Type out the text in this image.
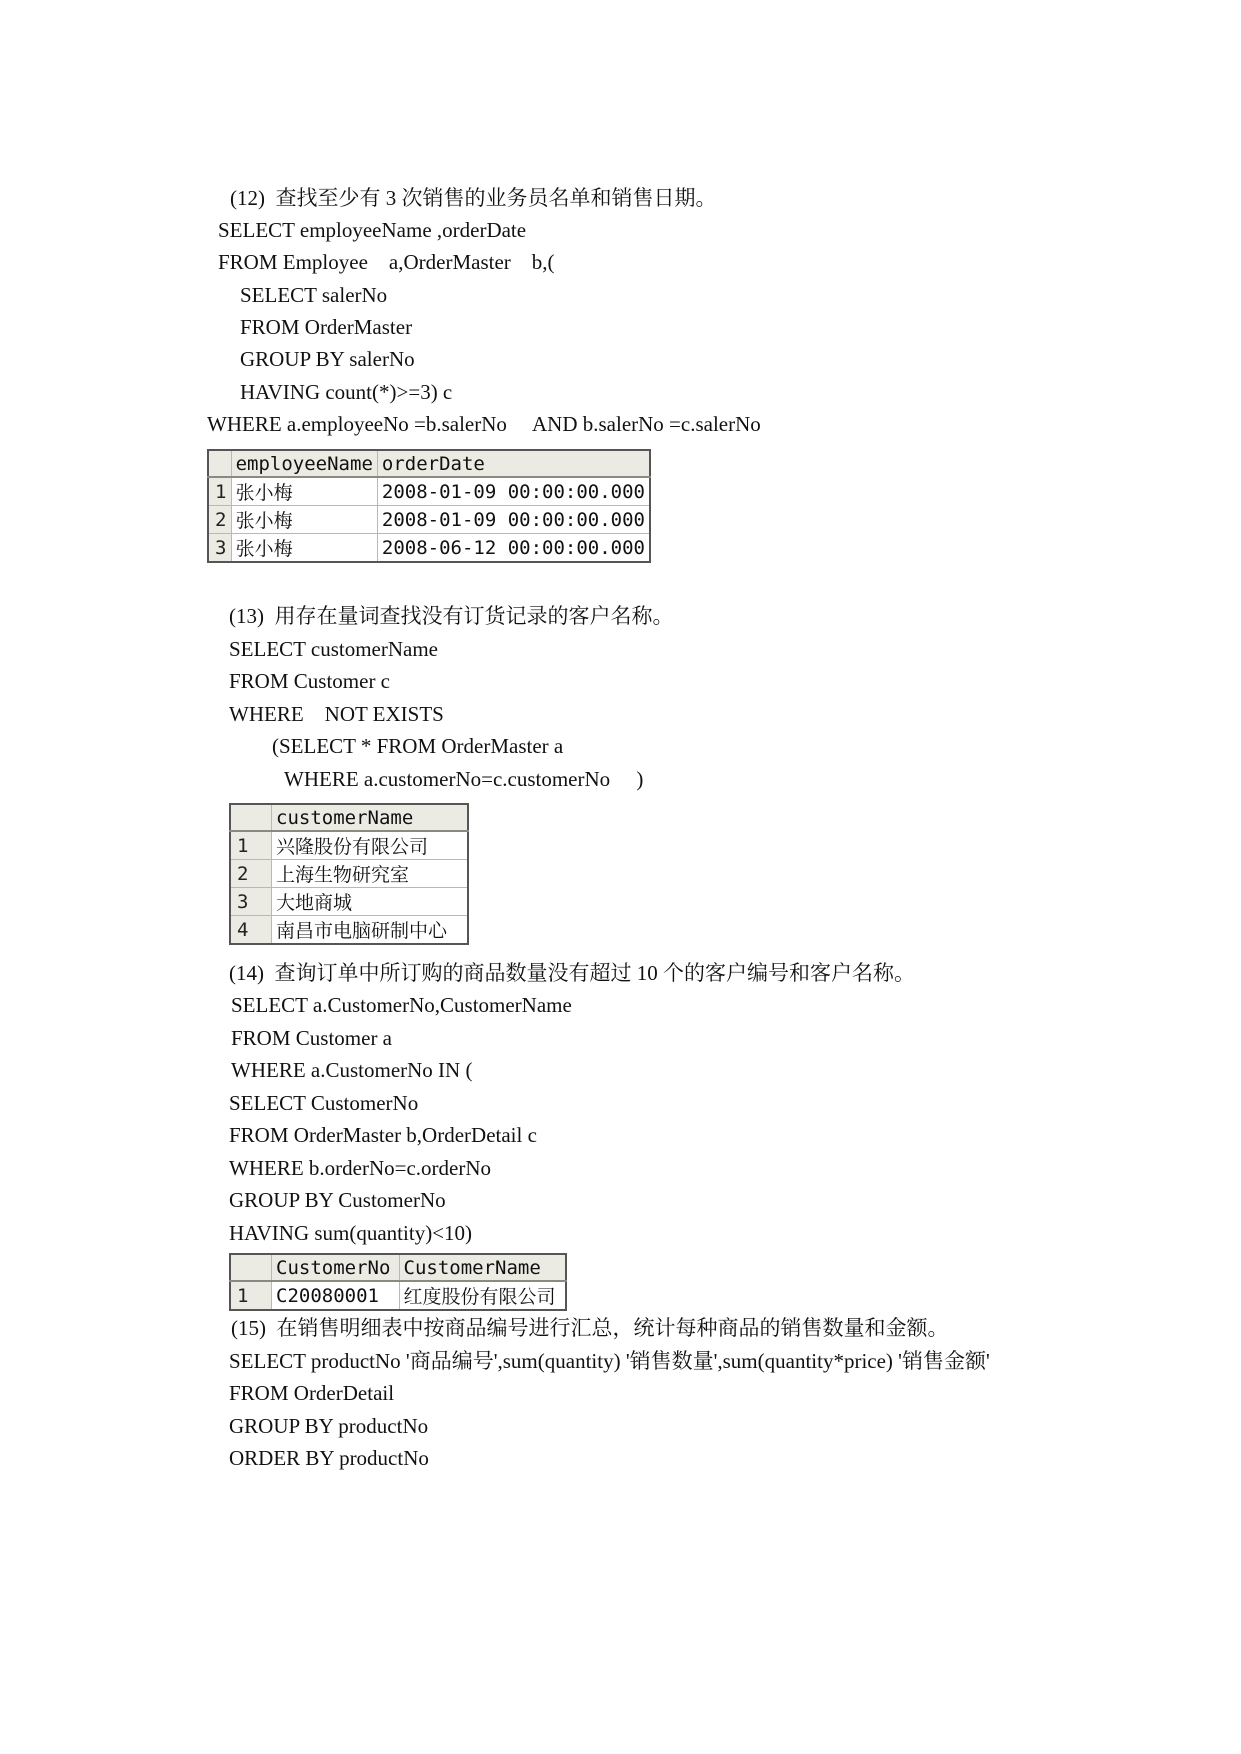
(12)  查找至少有 3 次销售的业务员名单和销售日期。
SELECT employeeName ,orderDate
FROM Employee    a,OrderMaster    b,(
SELECT salerNo
FROM OrderMaster
GROUP BY salerNo
HAVING count(*)>=3) c
WHERE a.employeeNo =b.salerNo     AND b.salerNo =c.salerNo
	employeeName	orderDate
1	张小梅	2008-01-09 00:00:00.000
2	张小梅	2008-01-09 00:00:00.000
3	张小梅	2008-06-12 00:00:00.000
(13)  用存在量词查找没有订货记录的客户名称。
SELECT customerName
FROM Customer c
WHERE    NOT EXISTS
(SELECT * FROM OrderMaster a
WHERE a.customerNo=c.customerNo     )
	customerName
1	兴隆股份有限公司
2	上海生物研究室
3	大地商城
4	南昌市电脑研制中心
(14)  查询订单中所订购的商品数量没有超过 10 个的客户编号和客户名称。
SELECT a.CustomerNo,CustomerName
FROM Customer a
WHERE a.CustomerNo IN (
SELECT CustomerNo
FROM OrderMaster b,OrderDetail c
WHERE b.orderNo=c.orderNo
GROUP BY CustomerNo
HAVING sum(quantity)<10)
	CustomerNo	CustomerName
1	C20080001	红度股份有限公司
(15)  在销售明细表中按商品编号进行汇总，统计每种商品的销售数量和金额。
SELECT productNo '商品编号',sum(quantity) '销售数量',sum(quantity*price) '销售金额'
FROM OrderDetail
GROUP BY productNo
ORDER BY productNo
